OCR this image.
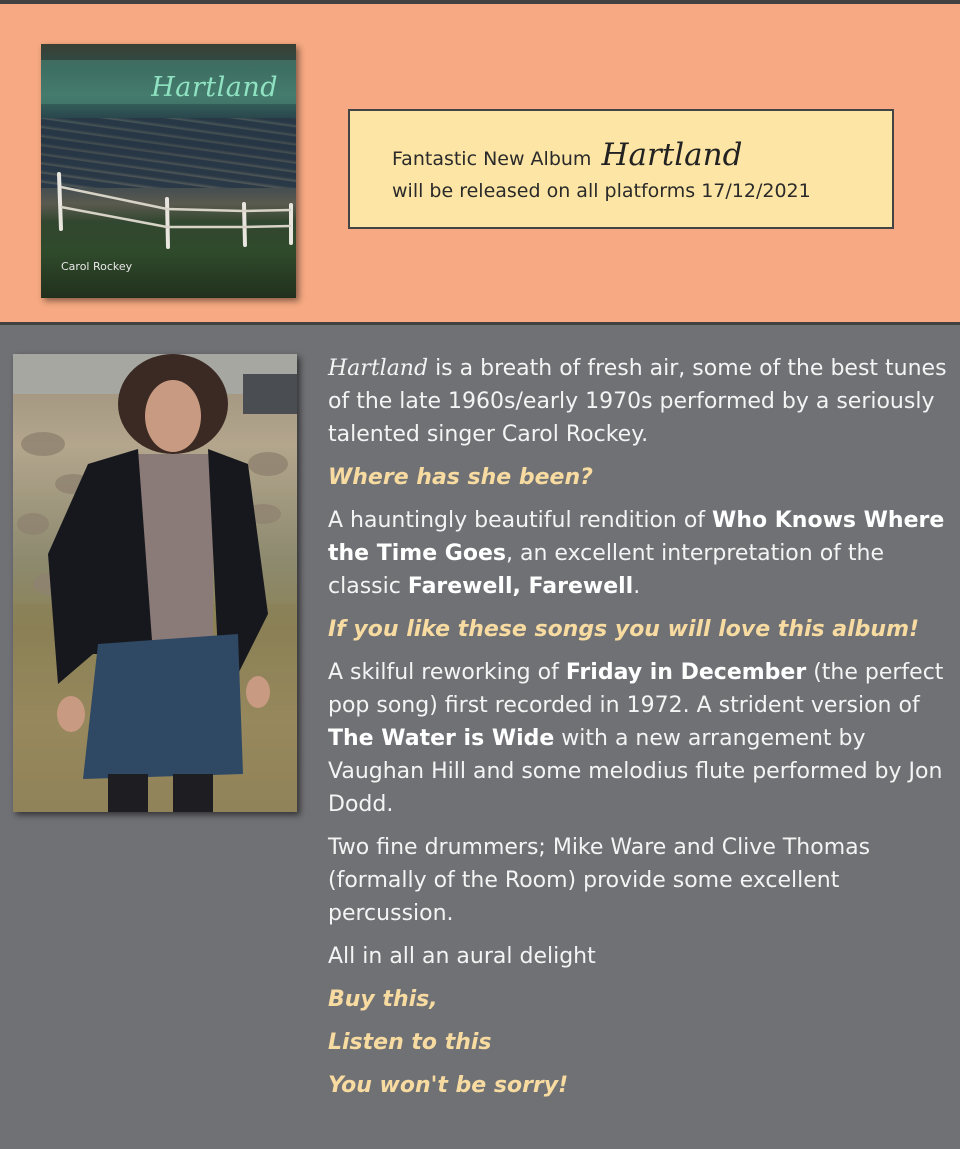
Hartland
Carol Rockey
Fantastic New Album Hartland
will be released on all platforms 17/12/2021

Hartland is a breath of fresh air, some of the best tunes of the late 1960s/early 1970s performed by a seriously talented singer Carol Rockey.

Where has she been?

A hauntingly beautiful rendition of Who Knows Where the Time Goes, an excellent interpretation of the classic Farewell, Farewell.

If you like these songs you will love this album!

A skilful reworking of Friday in December (the perfect pop song) first recorded in 1972. A strident version of The Water is Wide with a new arrangement by Vaughan Hill and some melodius flute performed by Jon Dodd.

Two fine drummers; Mike Ware and Clive Thomas (formally of the Room) provide some excellent percussion.

All in all an aural delight

Buy this,

Listen to this

You won't be sorry!
